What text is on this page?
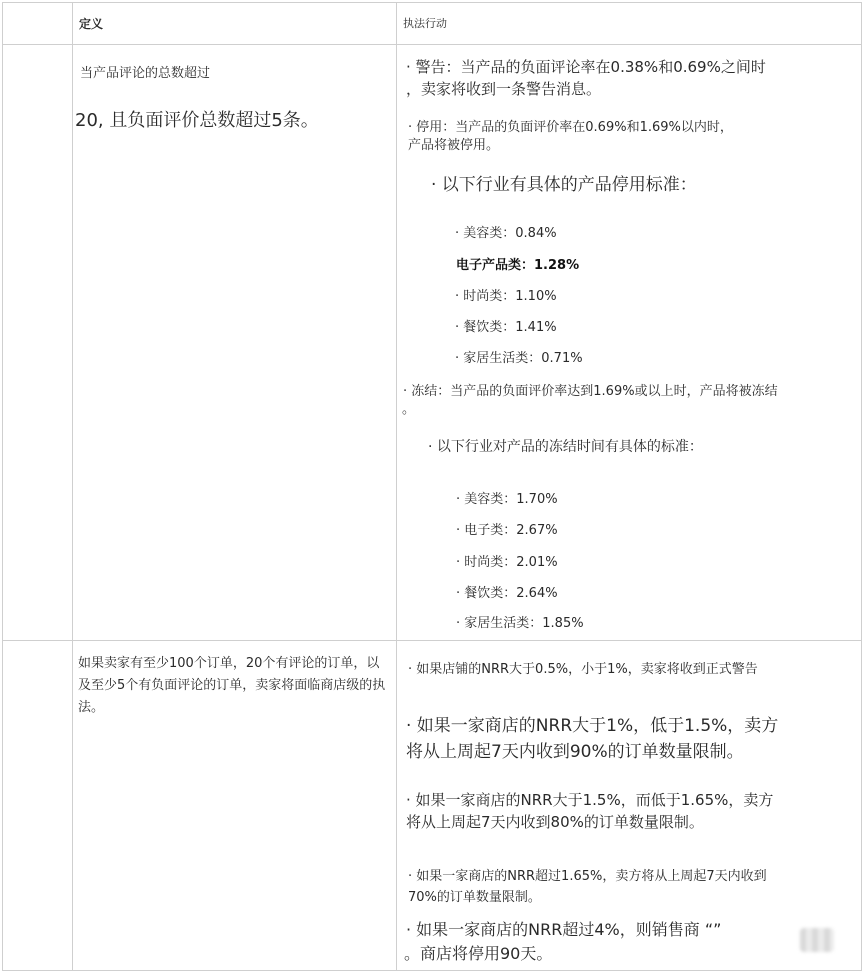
定义	执法行动
当产品评论的总数超过
20, 且负面评价总数超过5条。
· 警告：当产品的负面评论率在0.38%和0.69%之间时
，卖家将收到一条警告消息。
· 停用：当产品的负面评价率在0.69%和1.69%以内时，
产品将被停用。
· 以下行业有具体的产品停用标准：
· 美容类：0.84%
电子产品类：1.28%
· 时尚类：1.10%
· 餐饮类：1.41%
· 家居生活类：0.71%
· 冻结：当产品的负面评价率达到1.69%或以上时，产品将被冻结
。
· 以下行业对产品的冻结时间有具体的标准：
· 美容类：1.70%
· 电子类：2.67%
· 时尚类：2.01%
· 餐饮类：2.64%
· 家居生活类：1.85%
如果卖家有至少100个订单，20个有评论的订单，以及至少5个有负面评论的订单，卖家将面临商店级的执法。
· 如果店铺的NRR大于0.5%，小于1%，卖家将收到正式警告
· 如果一家商店的NRR大于1%，低于1.5%，卖方
将从上周起7天内收到90%的订单数量限制。
· 如果一家商店的NRR大于1.5%，而低于1.65%，卖方
将从上周起7天内收到80%的订单数量限制。
· 如果一家商店的NRR超过1.65%，卖方将从上周起7天内收到
70%的订单数量限制。
· 如果一家商店的NRR超过4%，则销售商 “”
。商店将停用90天。
